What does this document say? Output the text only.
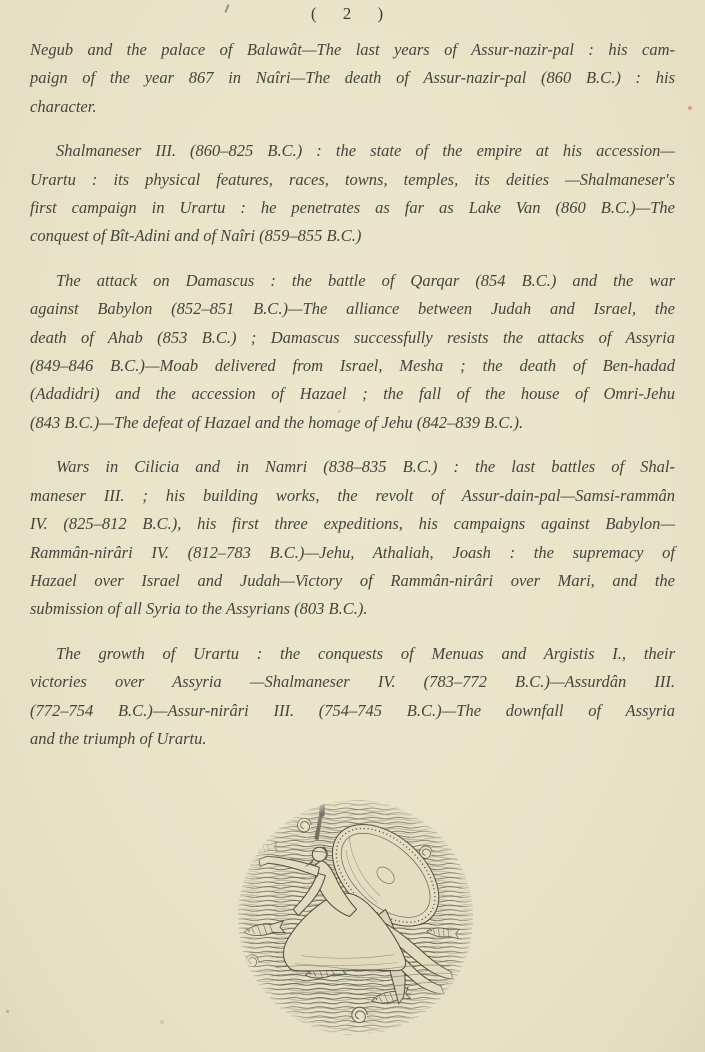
( 2 )
Negub and the palace of Balawât—The last years of Assur-nazir-pal : his cam-
paign of the year 867 in Naîri—The death of Assur-nazir-pal (860 B.C.) : his
character.
Shalmaneser III. (860–825 B.C.) : the state of the empire at his accession—
Urartu : its physical features, races, towns, temples, its deities —Shalmaneser's
first campaign in Urartu : he penetrates as far as Lake Van (860 B.C.)—The
conquest of Bît-Adini and of Naîri (859–855 B.C.)
The attack on Damascus : the battle of Qarqar (854 B.C.) and the war
against Babylon (852–851 B.C.)—The alliance between Judah and Israel, the
death of Ahab (853 B.C.) ; Damascus successfully resists the attacks of Assyria
(849–846 B.C.)—Moab delivered from Israel, Mesha ; the death of Ben-hadad
(Adadidri) and the accession of Hazael ; the fall of the house of Omri-Jehu
(843 B.C.)—The defeat of Hazael and the homage of Jehu (842–839 B.C.).
Wars in Cilicia and in Namri (838–835 B.C.) : the last battles of Shal-
maneser III. ; his building works, the revolt of Assur-dain-pal—Samsi-rammân
IV. (825–812 B.C.), his first three expeditions, his campaigns against Babylon—
Rammân-nirâri IV. (812–783 B.C.)—Jehu, Athaliah, Joash : the supremacy of
Hazael over Israel and Judah—Victory of Rammân-nirâri over Mari, and the
submission of all Syria to the Assyrians (803 B.C.).
The growth of Urartu : the conquests of Menuas and Argistis I., their
victories over Assyria —Shalmaneser IV. (783–772 B.C.)—Assurdân III.
(772–754 B.C.)—Assur-nirâri III. (754–745 B.C.)—The downfall of Assyria
and the triumph of Urartu.
